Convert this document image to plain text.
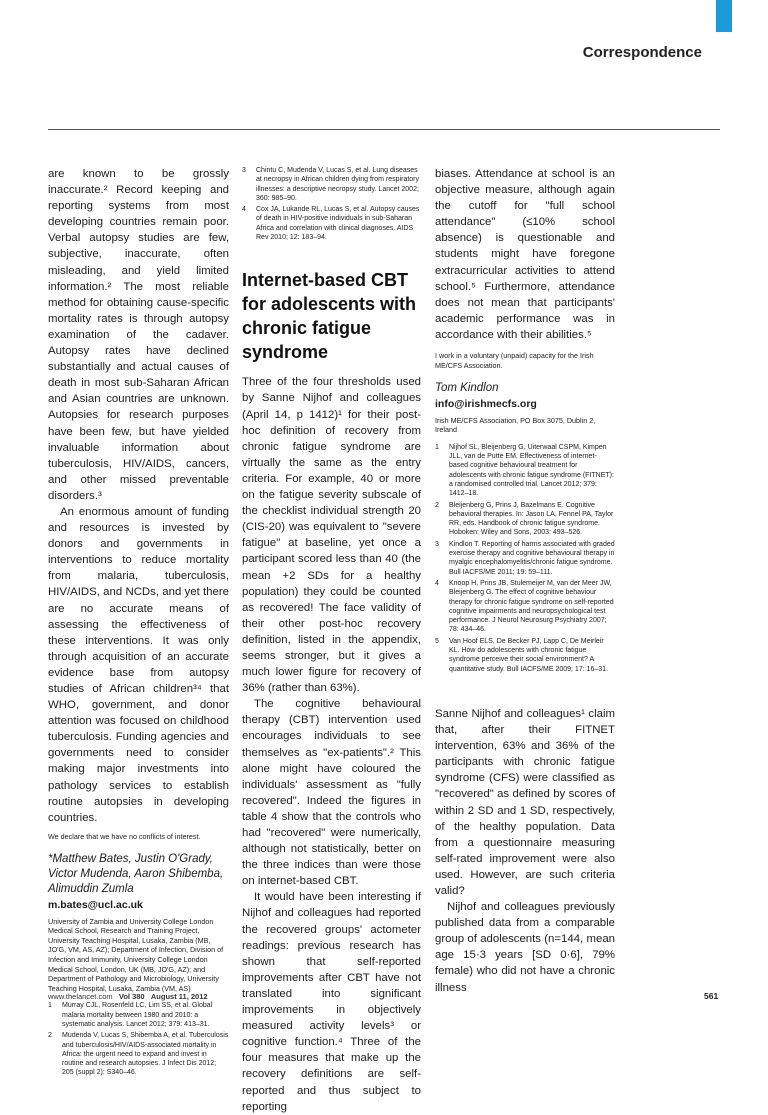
Correspondence

are known to be grossly inaccurate.² Record keeping and reporting systems from most developing countries remain poor. Verbal autopsy studies are few, subjective, inaccurate, often misleading, and yield limited information.² The most reliable method for obtaining cause-specific mortality rates is through autopsy examination of the cadaver. Autopsy rates have declined substantially and actual causes of death in most sub-Saharan African and Asian countries are unknown. Autopsies for research purposes have been few, but have yielded invaluable information about tuberculosis, HIV/AIDS, cancers, and other missed preventable disorders.³

An enormous amount of funding and resources is invested by donors and governments in interventions to reduce mortality from malaria, tuberculosis, HIV/AIDS, and NCDs, and yet there are no accurate means of assessing the effectiveness of these interventions. It was only through acquisition of an accurate evidence base from autopsy studies of African children³⁴ that WHO, government, and donor attention was focused on childhood tuberculosis. Funding agencies and governments need to consider making major investments into pathology services to establish routine autopsies in developing countries.

We declare that we have no conflicts of interest.

*Matthew Bates, Justin O'Grady, Victor Mudenda, Aaron Shibemba, Alimuddin Zumla

m.bates@ucl.ac.uk

University of Zambia and University College London Medical School, Research and Training Project, University Teaching Hospital, Lusaka, Zambia (MB, JO'G, VM, AS, AZ); Department of Infection, Division of Infection and Immunity, University College London Medical School, London, UK (MB, JO'G, AZ); and Department of Pathology and Microbiology, University Teaching Hospital, Lusaka, Zambia (VM, AS)

1	Murray CJL, Rosenfeld LC, Lim SS, et al. Global malaria mortality between 1980 and 2010: a systematic analysis. Lancet 2012; 379: 413–31.
2	Mudenda V, Lucas S, Shibemba A, et al. Tuberculosis and tuberculosis/HIV/AIDS-associated mortality in Africa: the urgent need to expand and invest in routine and research autopsies. J Infect Dis 2012; 205 (suppl 2): S340–46.
3	Chintu C, Mudenda V, Lucas S, et al. Lung diseases at necropsy in African children dying from respiratory illnesses: a descriptive necropsy study. Lancet 2002; 360: 985–90.
4	Cox JA, Lukande RL, Lucas S, et al. Autopsy causes of death in HIV-positive individuals in sub-Saharan Africa and correlation with clinical diagnoses. AIDS Rev 2010; 12: 183–94.
Internet-based CBT for adolescents with chronic fatigue syndrome

Three of the four thresholds used by Sanne Nijhof and colleagues (April 14, p 1412)¹ for their post-hoc definition of recovery from chronic fatigue syndrome are virtually the same as the entry criteria. For example, 40 or more on the fatigue severity subscale of the checklist individual strength 20 (CIS-20) was equivalent to "severe fatigue" at baseline, yet once a participant scored less than 40 (the mean +2 SDs for a healthy population) they could be counted as recovered! The face validity of their other post-hoc recovery definition, listed in the appendix, seems stronger, but it gives a much lower figure for recovery of 36% (rather than 63%).

The cognitive behavioural therapy (CBT) intervention used encourages individuals to see themselves as "ex-patients".² This alone might have coloured the individuals' assessment as "fully recovered". Indeed the figures in table 4 show that the controls who had "recovered" were numerically, although not statistically, better on the three indices than were those on internet-based CBT.

It would have been interesting if Nijhof and colleagues had reported the recovered groups' actometer readings: previous research has shown that self-reported improvements after CBT have not translated into significant improvements in objectively measured activity levels³ or cognitive function.⁴ Three of the four measures that make up the recovery definitions are self-reported and thus subject to reporting

biases. Attendance at school is an objective measure, although again the cutoff for "full school attendance" (≤10% school absence) is questionable and students might have foregone extracurricular activities to attend school.⁵ Furthermore, attendance does not mean that participants' academic performance was in accordance with their abilities.⁵

I work in a voluntary (unpaid) capacity for the Irish ME/CFS Association.

Tom Kindlon

info@irishmecfs.org

Irish ME/CFS Association, PO Box 3075, Dublin 2, Ireland

1	Nijhof SL, Bleijenberg G, Uiterwaal CSPM, Kimpen JLL, van de Putte EM. Effectiveness of internet-based cognitive behavioural treatment for adolescents with chronic fatigue syndrome (FITNET): a randomised controlled trial. Lancet 2012; 379: 1412–18.
2	Bleijenberg G, Prins J, Bazelmans E. Cognitive behavioral therapies. In: Jason LA, Fennel PA, Taylor RR, eds. Handbook of chronic fatigue syndrome. Hoboken: Wiley and Sons, 2003: 493–526.
3	Kindlon T. Reporting of harms associated with graded exercise therapy and cognitive behavioural therapy in myalgic encephalomyelitis/chronic fatigue syndrome. Bull IACFS/ME 2011; 19: 59–111.
4	Knoop H, Prins JB, Stulemeijer M, van der Meer JW, Bleijenberg G. The effect of cognitive behaviour therapy for chronic fatigue syndrome on self-reported cognitive impairments and neuropsychological test performance. J Neurol Neurosurg Psychiatry 2007; 78: 434–46.
5	Van Hoof ELS, De Becker PJ, Lapp C, De Meirleir KL. How do adolescents with chronic fatigue syndrome perceive their social environment? A quantitative study. Bull IACFS/ME 2009; 17: 16–31.

Sanne Nijhof and colleagues¹ claim that, after their FITNET intervention, 63% and 36% of the participants with chronic fatigue syndrome (CFS) were classified as "recovered" as defined by scores of within 2 SD and 1 SD, respectively, of the healthy population. Data from a questionnaire measuring self-rated improvement were also used. However, are such criteria valid?

Nijhof and colleagues previously published data from a comparable group of adolescents (n=144, mean age 15·3 years [SD 0·6], 79% female) who did not have a chronic illness

www.thelancet.com Vol 380 August 11, 2012	561
